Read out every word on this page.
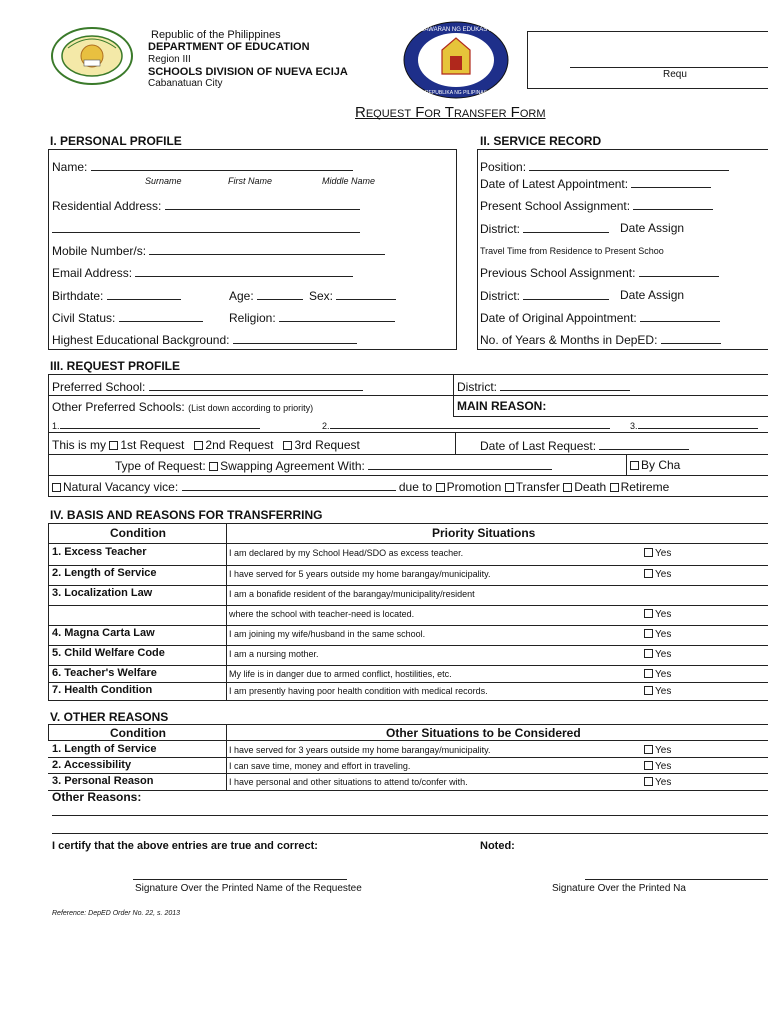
Republic of the Philippines
DEPARTMENT OF EDUCATION
Region III
SCHOOLS DIVISION OF NUEVA ECIJA
Cabanatuan City
KAGAWARAN NG EDUKASYON
REPUBLIKA NG PILIPINAS
Requ
Request For Transfer Form
I. PERSONAL PROFILE
Name:
Surname	First Name	Middle Name
Residential Address:
Mobile Number/s:
Email Address:
Birthdate:	Age:	Sex:
Civil Status:	Religion:
Highest Educational Background:
II. SERVICE RECORD
Position:
Date of Latest Appointment:
Present School Assignment:
District:	Date Assign
Travel Time from Residence to Present Schoo
Previous School Assignment:
District:	Date Assign
Date of Original Appointment:
No. of Years & Months in DepED:
III. REQUEST PROFILE
Preferred School:	District:
Other Preferred Schools: (List down according to priority)	MAIN REASON:
1.	2.	3.
This is my 1st Request 2nd Request 3rd Request	Date of Last Request:
Type of Request: Swapping Agreement With:	By Cha
Natural Vacancy vice:	due to Promotion Transfer Death Retireme
IV. BASIS AND REASONS FOR TRANSFERRING
Condition	Priority Situations
1. Excess Teacher	I am declared by my School Head/SDO as excess teacher.	Yes
2. Length of Service	I have served for 5 years outside my home barangay/municipality.	Yes
3. Localization Law	I am a bonafide resident of the barangay/municipality/resident
where the school with teacher-need is located.	Yes
4. Magna Carta Law	I am joining my wife/husband in the same school.	Yes
5. Child Welfare Code	I am a nursing mother.	Yes
6. Teacher's Welfare	My life is in danger due to armed conflict, hostilities, etc.	Yes
7. Health Condition	I am presently having poor health condition with medical records.	Yes
V. OTHER REASONS
Condition	Other Situations to be Considered
1. Length of Service	I have served for 3 years outside my home barangay/municipality.	Yes
2. Accessibility	I can save time, money and effort in traveling.	Yes
3. Personal Reason	I have personal and other situations to attend to/confer with.	Yes
Other Reasons:
I certify that the above entries are true and correct:	Noted:
Signature Over the Printed Name of the Requestee	Signature Over the Printed Na
Reference: DepED Order No. 22, s. 2013
